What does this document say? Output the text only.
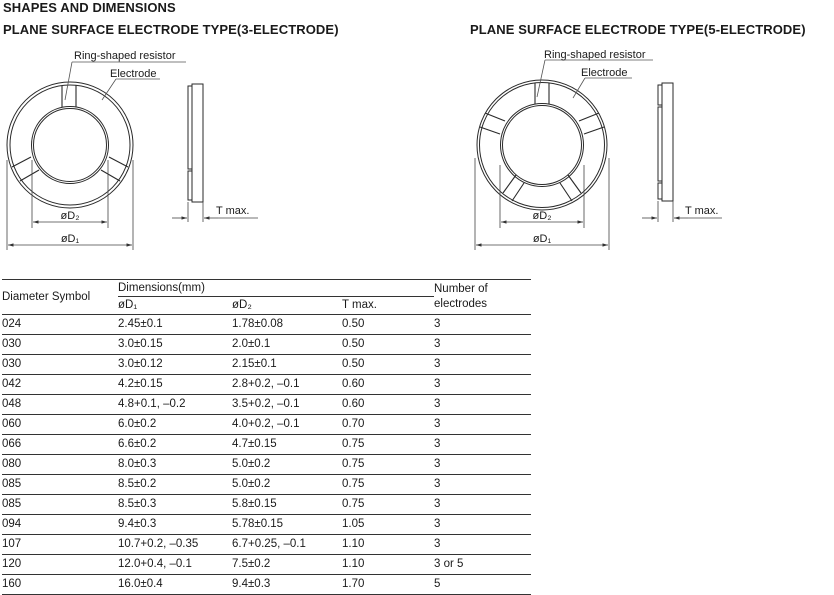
SHAPES AND DIMENSIONS
PLANE SURFACE ELECTRODE TYPE(3-ELECTRODE)	PLANE SURFACE ELECTRODE TYPE(5-ELECTRODE)
Ring-shaped resistor
Electrode
øD₂
øD₁
T max.
Ring-shaped resistor
Electrode
øD₂
øD₁
T max.
Diameter Symbol	Dimensions(mm)			Number of
electrodes
	øD₁	øD₂	T max.	
024	2.45±0.1	1.78±0.08	0.50	3
030	3.0±0.15	2.0±0.1	0.50	3
030	3.0±0.12	2.15±0.1	0.50	3
042	4.2±0.15	2.8+0.2, –0.1	0.60	3
048	4.8+0.1, –0.2	3.5+0.2, –0.1	0.60	3
060	6.0±0.2	4.0+0.2, –0.1	0.70	3
066	6.6±0.2	4.7±0.15	0.75	3
080	8.0±0.3	5.0±0.2	0.75	3
085	8.5±0.2	5.0±0.2	0.75	3
085	8.5±0.3	5.8±0.15	0.75	3
094	9.4±0.3	5.78±0.15	1.05	3
107	10.7+0.2, –0.35	6.7+0.25, –0.1	1.10	3
120	12.0+0.4, –0.1	7.5±0.2	1.10	3 or 5
160	16.0±0.4	9.4±0.3	1.70	5
